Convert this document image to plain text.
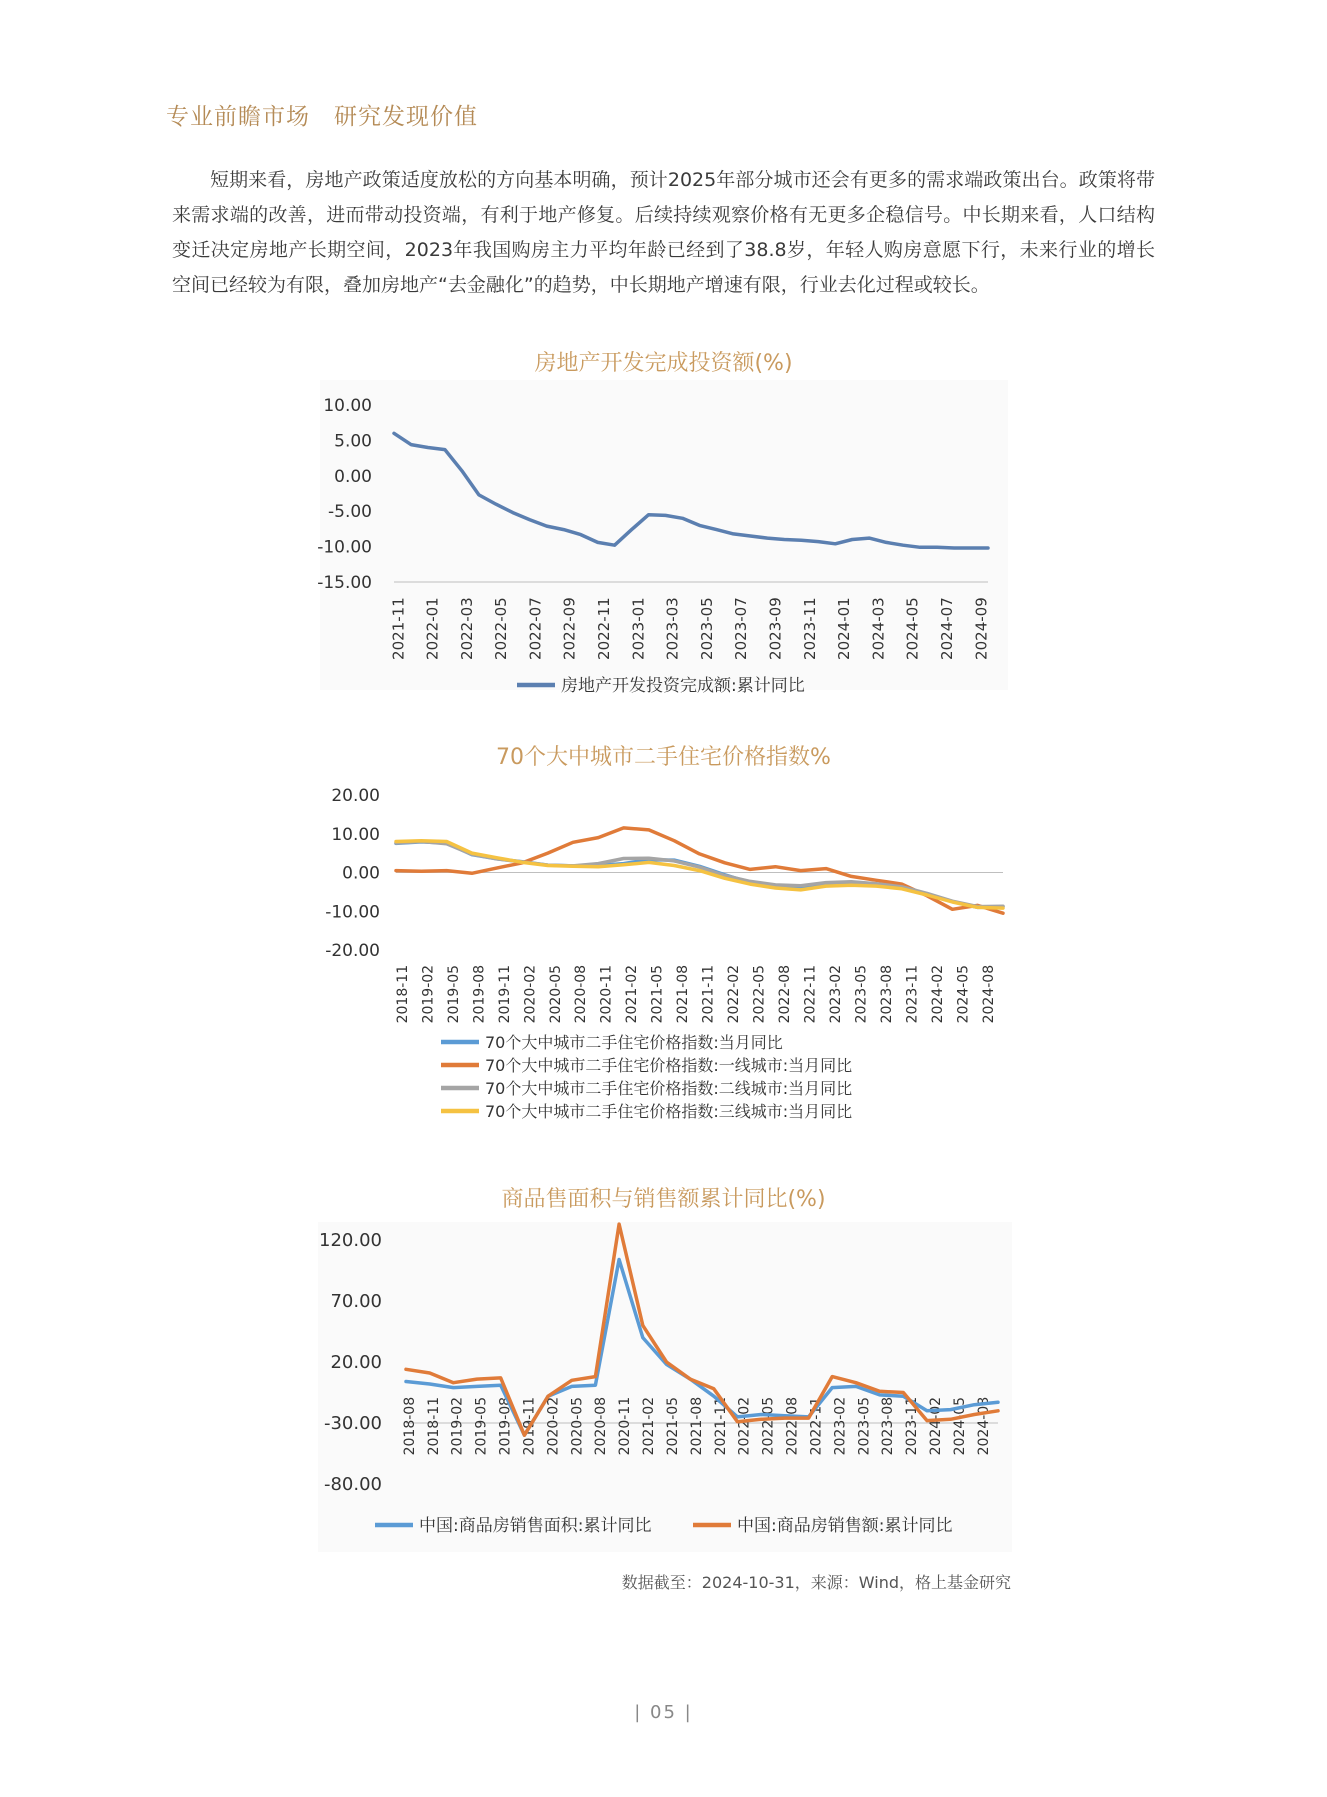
专业前瞻市场　研究发现价值
短期来看，房地产政策适度放松的方向基本明确，预计2025年部分城市还会有更多的需求端政策出台。政策将带来需求端的改善，进而带动投资端，有利于地产修复。后续持续观察价格有无更多企稳信号。中长期来看，人口结构变迁决定房地产长期空间，2023年我国购房主力平均年龄已经到了38.8岁，年轻人购房意愿下行，未来行业的增长空间已经较为有限，叠加房地产“去金融化”的趋势，中长期地产增速有限，行业去化过程或较长。
房地产开发完成投资额(%)
10.00
5.00
0.00
-5.00
-10.00
-15.00
2021-11 2022-01 2022-03 2022-05 2022-07 2022-09 2022-11 2023-01 2023-03 2023-05 2023-07 2023-09 2023-11 2024-01 2024-03 2024-05 2024-07 2024-09
房地产开发投资完成额:累计同比
70个大中城市二手住宅价格指数%
20.00
10.00
0.00
-10.00
-20.00
2018-11 2019-02 2019-05 2019-08 2019-11 2020-02 2020-05 2020-08 2020-11 2021-02 2021-05 2021-08 2021-11 2022-02 2022-05 2022-08 2022-11 2023-02 2023-05 2023-08 2023-11 2024-02 2024-05 2024-08
70个大中城市二手住宅价格指数:当月同比
70个大中城市二手住宅价格指数:一线城市:当月同比
70个大中城市二手住宅价格指数:二线城市:当月同比
70个大中城市二手住宅价格指数:三线城市:当月同比
商品售面积与销售额累计同比(%)
120.00
70.00
20.00
-30.00
-80.00
2018-08 2018-11 2019-02 2019-05 2019-08 2019-11 2020-02 2020-05 2020-08 2020-11 2021-02 2021-05 2021-08 2021-11 2022-02 2022-05 2022-08 2022-11 2023-02 2023-05 2023-08 2023-11 2024-02 2024-05 2024-08
中国:商品房销售面积:累计同比	中国:商品房销售额:累计同比
数据截至：2024-10-31，来源：Wind，格上基金研究
| 05 |
